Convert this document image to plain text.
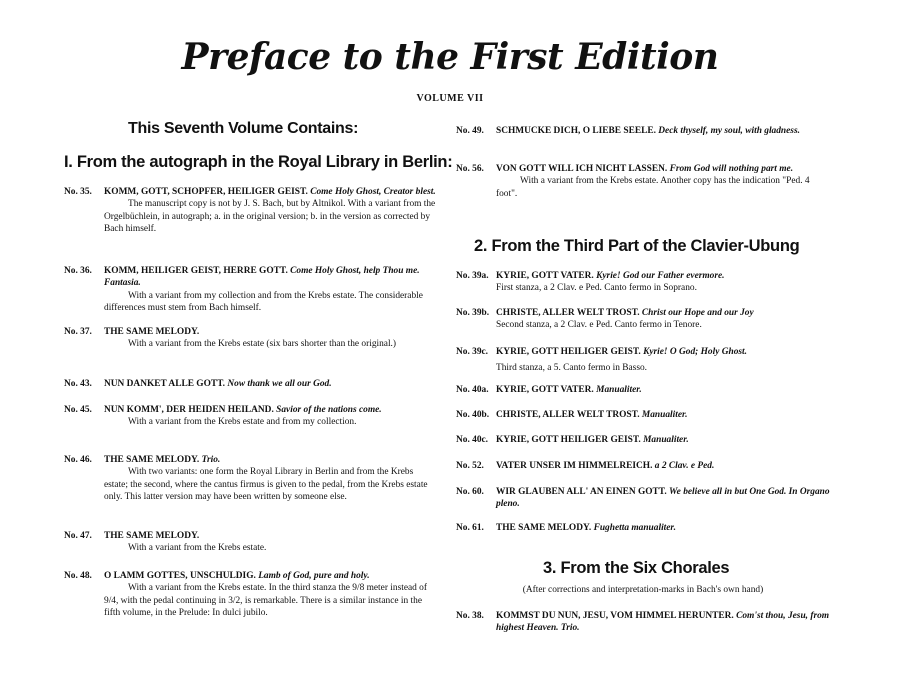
Preface to the First Edition
VOLUME VII
This Seventh Volume Contains:
I. From the autograph in the Royal Library in Berlin:
No. 35. KOMM, GOTT, SCHOPFER, HEILIGER GEIST. Come Holy Ghost, Creator blest.
The manuscript copy is not by J. S. Bach, but by Altnikol. With a variant from the Orgelbüchlein, in autograph; a. in the original version; b. in the version as corrected by Bach himself.
No. 36. KOMM, HEILIGER GEIST, HERRE GOTT. Come Holy Ghost, help Thou me. Fantasia.
With a variant from my collection and from the Krebs estate. The considerable differences must stem from Bach himself.
No. 37. THE SAME MELODY.
With a variant from the Krebs estate (six bars shorter than the original.)
No. 43. NUN DANKET ALLE GOTT. Now thank we all our God.
No. 45. NUN KOMM', DER HEIDEN HEILAND. Savior of the nations come.
With a variant from the Krebs estate and from my collection.
No. 46. THE SAME MELODY. Trio.
With two variants: one form the Royal Library in Berlin and from the Krebs estate; the second, where the cantus firmus is given to the pedal, from the Krebs estate only. This latter version may have been written by someone else.
No. 47. THE SAME MELODY.
With a variant from the Krebs estate.
No. 48. O LAMM GOTTES, UNSCHULDIG. Lamb of God, pure and holy.
With a variant from the Krebs estate. In the third stanza the 9/8 meter instead of 9/4, with the pedal continuing in 3/2, is remarkable. There is a similar instance in the fifth volume, in the Prelude: In dulci jubilo.
No. 49. SCHMUCKE DICH, O LIEBE SEELE. Deck thyself, my soul, with gladness.
No. 56. VON GOTT WILL ICH NICHT LASSEN. From God will nothing part me.
With a variant from the Krebs estate. Another copy has the indication "Ped. 4 foot".
2. From the Third Part of the Clavier-Ubung
No. 39a. KYRIE, GOTT VATER. Kyrie! God our Father evermore.
First stanza, a 2 Clav. e Ped. Canto fermo in Soprano.
No. 39b. CHRISTE, ALLER WELT TROST. Christ our Hope and our Joy
Second stanza, a 2 Clav. e Ped. Canto fermo in Tenore.
No. 39c. KYRIE, GOTT HEILIGER GEIST. Kyrie! O God; Holy Ghost.
Third stanza, a 5. Canto fermo in Basso.
No. 40a. KYRIE, GOTT VATER. Manualiter.
No. 40b. CHRISTE, ALLER WELT TROST. Manualiter.
No. 40c. KYRIE, GOTT HEILIGER GEIST. Manualiter.
No. 52. VATER UNSER IM HIMMELREICH. a 2 Clav. e Ped.
No. 60. WIR GLAUBEN ALL' AN EINEN GOTT. We believe all in but One God. In Organo pleno.
No. 61. THE SAME MELODY. Fughetta manualiter.
3. From the Six Chorales
(After corrections and interpretation-marks in Bach's own hand)
No. 38. KOMMST DU NUN, JESU, VOM HIMMEL HERUNTER. Com'st thou, Jesu, from highest Heaven. Trio.
